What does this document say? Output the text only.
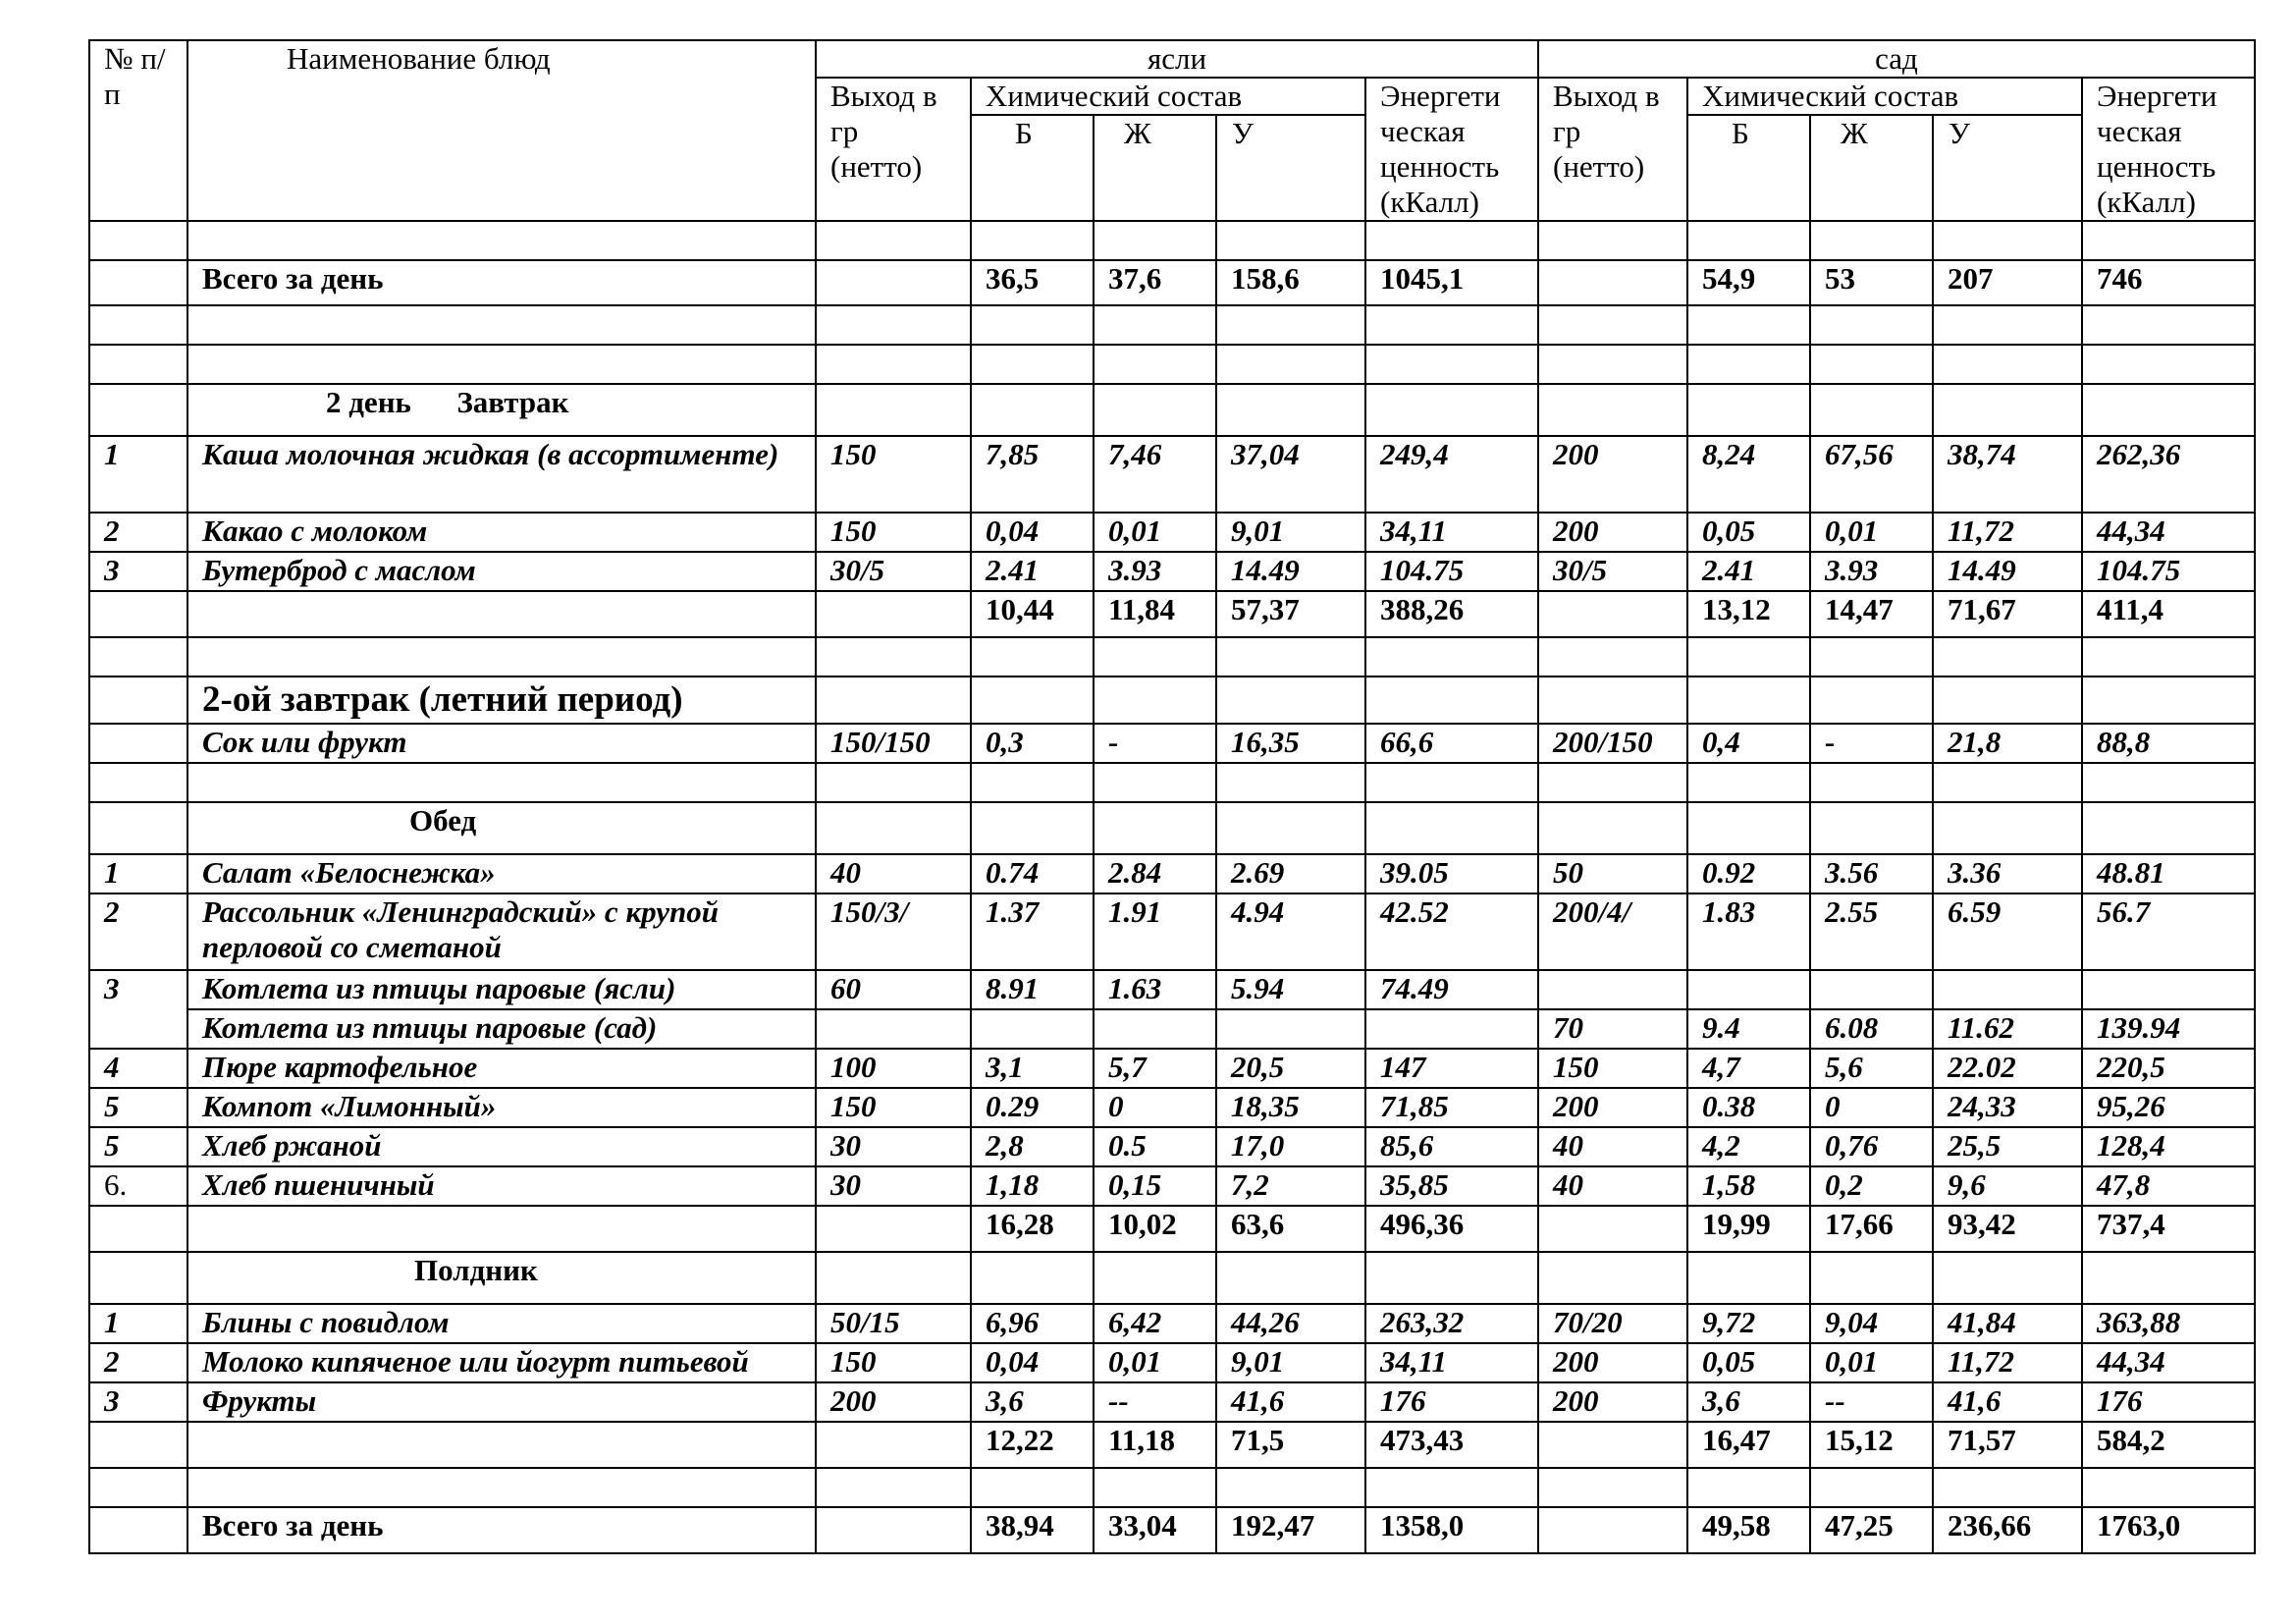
№ п/п	Наименование блюд	ясли					сад				
		Выход в гр (нетто)	Химический состав			Энергети ческая ценность (кКалл)	Выход в гр (нетто)	Химический состав			Энергети ческая ценность (кКалл)
			Б	Ж	У			Б	Ж	У	

	Всего за день		36,5	37,6	158,6	1045,1		54,9	53	207	746

	2 день      Завтрак										
1	Каша молочная жидкая (в ассортименте)	150	7,85	7,46	37,04	249,4	200	8,24	67,56	38,74	262,36
2	Какао с молоком	150	0,04	0,01	9,01	34,11	200	0,05	0,01	11,72	44,34
3	Бутерброд с маслом	30/5	2.41	3.93	14.49	104.75	30/5	2.41	3.93	14.49	104.75
			10,44	11,84	57,37	388,26		13,12	14,47	71,67	411,4

	2-ой завтрак (летний период)										
	Сок или фрукт	150/150	0,3	-	16,35	66,6	200/150	0,4	-	21,8	88,8

	Обед										
1	Салат «Белоснежка»	40	0.74	2.84	2.69	39.05	50	0.92	3.56	3.36	48.81
2	Рассольник «Ленинградский» с крупой перловой со сметаной	150/3/	1.37	1.91	4.94	42.52	200/4/	1.83	2.55	6.59	56.7
3	Котлета из птицы паровые (ясли)	60	8.91	1.63	5.94	74.49					
	Котлета из птицы паровые (сад)						70	9.4	6.08	11.62	139.94
4	Пюре картофельное	100	3,1	5,7	20,5	147	150	4,7	5,6	22.02	220,5
5	Компот «Лимонный»	150	0.29	0	18,35	71,85	200	0.38	0	24,33	95,26
5	Хлеб ржаной	30	2,8	0.5	17,0	85,6	40	4,2	0,76	25,5	128,4
6.	Хлеб пшеничный	30	1,18	0,15	7,2	35,85	40	1,58	0,2	9,6	47,8
			16,28	10,02	63,6	496,36		19,99	17,66	93,42	737,4
	Полдник										
1	Блины с повидлом	50/15	6,96	6,42	44,26	263,32	70/20	9,72	9,04	41,84	363,88
2	Молоко кипяченое или йогурт питьевой	150	0,04	0,01	9,01	34,11	200	0,05	0,01	11,72	44,34
3	Фрукты	200	3,6	--	41,6	176	200	3,6	--	41,6	176
			12,22	11,18	71,5	473,43		16,47	15,12	71,57	584,2

	Всего за день		38,94	33,04	192,47	1358,0		49,58	47,25	236,66	1763,0
